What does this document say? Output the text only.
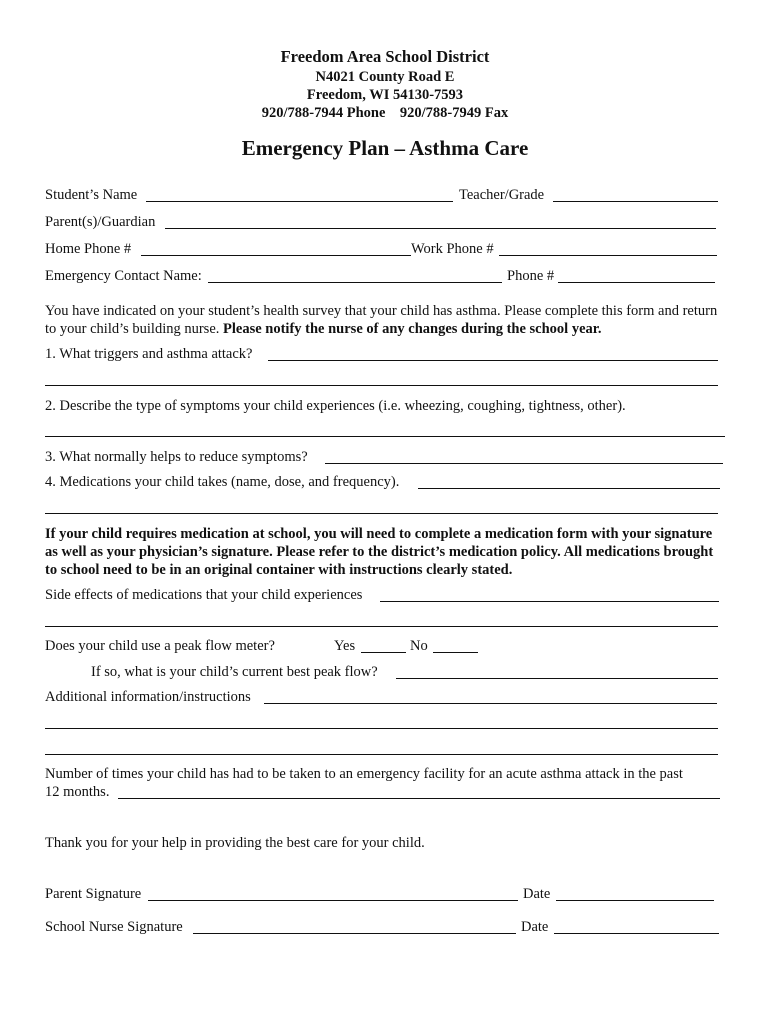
Freedom Area School District
N4021 County Road E
Freedom, WI 54130-7593
920/788-7944 Phone    920/788-7949 Fax
Emergency Plan – Asthma Care
Student’s Name	Teacher/Grade
Parent(s)/Guardian
Home Phone #	Work Phone #
Emergency Contact Name:	Phone #
You have indicated on your student’s health survey that your child has asthma. Please complete this form and return to your child’s building nurse. Please notify the nurse of any changes during the school year.
1. What triggers and asthma attack?
2. Describe the type of symptoms your child experiences (i.e. wheezing, coughing, tightness, other).
3. What normally helps to reduce symptoms?
4. Medications your child takes (name, dose, and frequency).
If your child requires medication at school, you will need to complete a medication form with your signature as well as your physician’s signature. Please refer to the district’s medication policy. All medications brought to school need to be in an original container with instructions clearly stated.
Side effects of medications that your child experiences
Does your child use a peak flow meter?	Yes	No
If so, what is your child’s current best peak flow?
Additional information/instructions
Number of times your child has had to be taken to an emergency facility for an acute asthma attack in the past
12 months.
Thank you for your help in providing the best care for your child.
Parent Signature	Date
School Nurse Signature	Date
